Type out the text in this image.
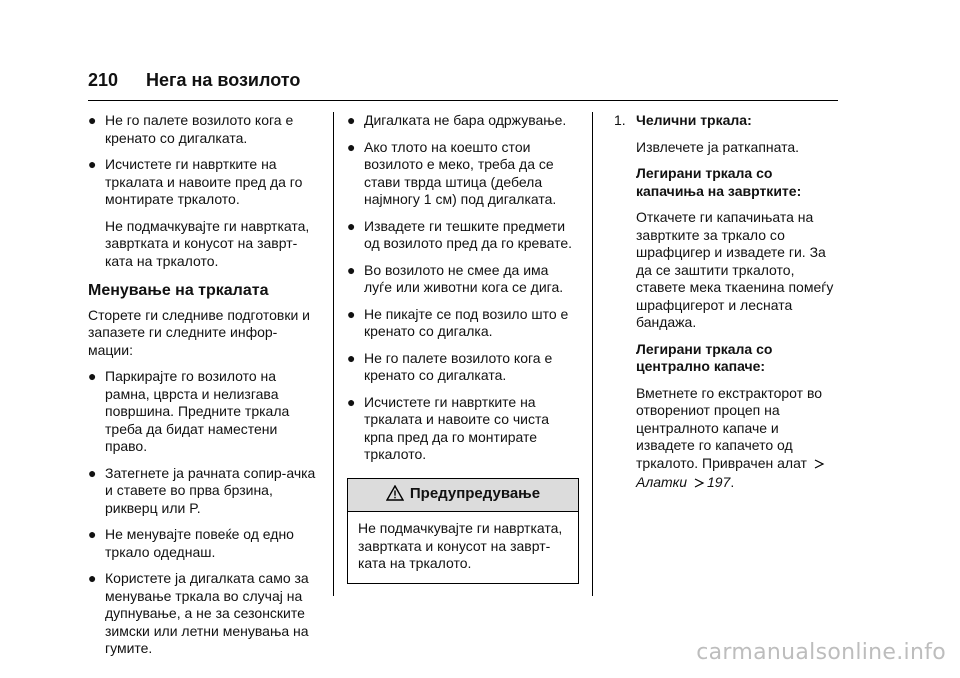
210 Нега на возилото
● Не го палете возилото кога е кренато со дигалката.
● Исчистете ги навртките на тркалата и навоите пред да го монтирате тркалото.
Не подмачкувајте ги навртката, завртката и конусот на заврт-ката на тркалото.
Менување на тркалата
Сторете ги следниве подготовки и запазете ги следните инфор-мации:
● Паркирајте го возилото на рамна, цврста и нелизгава површина. Предните тркала треба да бидат наместени право.
● Затегнете ја рачната сопир-ачка и ставете во прва брзина, рикверц или P.
● Не менувајте повеќе од едно тркало одеднаш.
● Користете ја дигалката само за менување тркала во случај на дупнување, а не за сезонските зимски или летни менувања на гумите.
● Дигалката не бара одржување.
● Ако тлото на коешто стои возилото е меко, треба да се стави тврда штица (дебела најмногу 1 см) под дигалката.
● Извадете ги тешките предмети од возилото пред да го кревате.
● Во возилото не смее да има луѓе или животни кога се дига.
● Не пикајте се под возило што е кренато со дигалка.
● Не го палете возилото кога е кренато со дигалката.
● Исчистете ги навртките на тркалата и навоите со чиста крпа пред да го монтирате тркалото.
Предупредување
Не подмачкувајте ги навртката, завртката и конусот на заврт-ката на тркалото.
1. Челични тркала:
Извлечете ја раткапната.
Легирани тркала со капачиња на завртките:
Откачете ги капачињата на завртките за тркало со шрафцигер и извадете ги. За да се заштити тркалото, ставете мека ткаенина помеѓу шрафцигерот и лесната бандажа.
Легирани тркала со централно капаче:
Вметнете го екстракторот во отворениот процеп на централното капаче и извадете го капачето од тркалото. Приврачен алат
Алатки 197.
carmanualsonline.info
